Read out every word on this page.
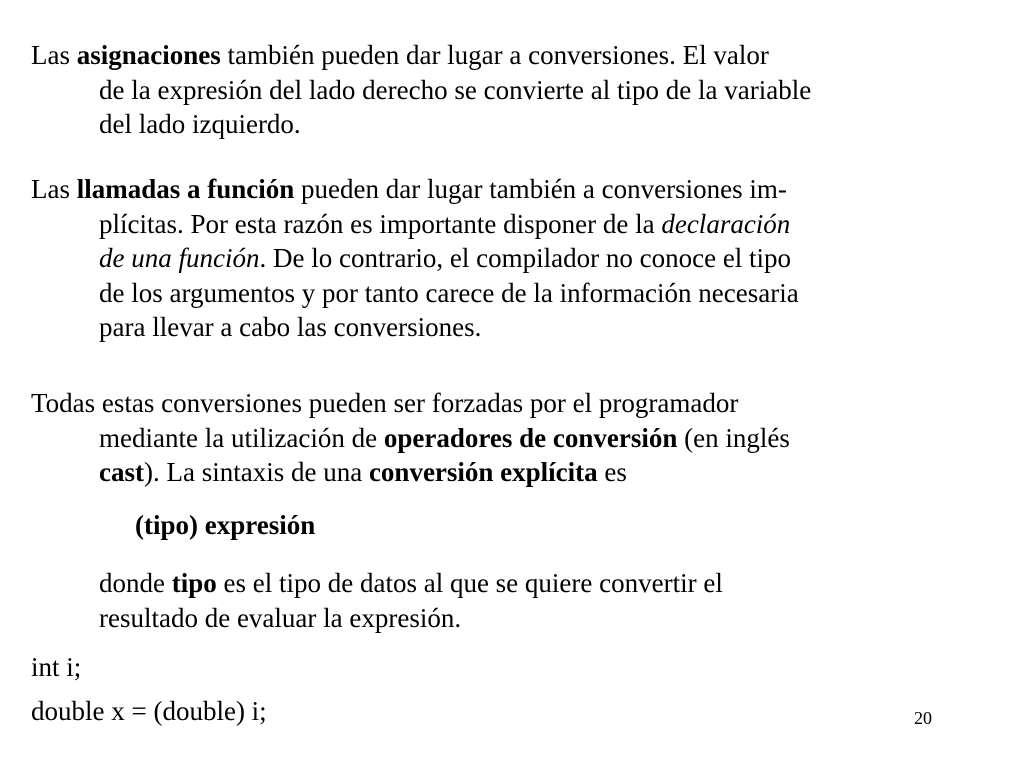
Las asignaciones también pueden dar lugar a conversiones. El valor
de la expresión del lado derecho se convierte al tipo de la variable
del lado izquierdo.
Las llamadas a función pueden dar lugar también a conversiones im-
plícitas. Por esta razón es importante disponer de la declaración
de una función. De lo contrario, el compilador no conoce el tipo
de los argumentos y por tanto carece de la información necesaria
para llevar a cabo las conversiones.
Todas estas conversiones pueden ser forzadas por el programador
mediante la utilización de operadores de conversión (en inglés
cast). La sintaxis de una conversión explícita es
(tipo) expresión
donde tipo es el tipo de datos al que se quiere convertir el
resultado de evaluar la expresión.
int i;
double x = (double) i;	20
